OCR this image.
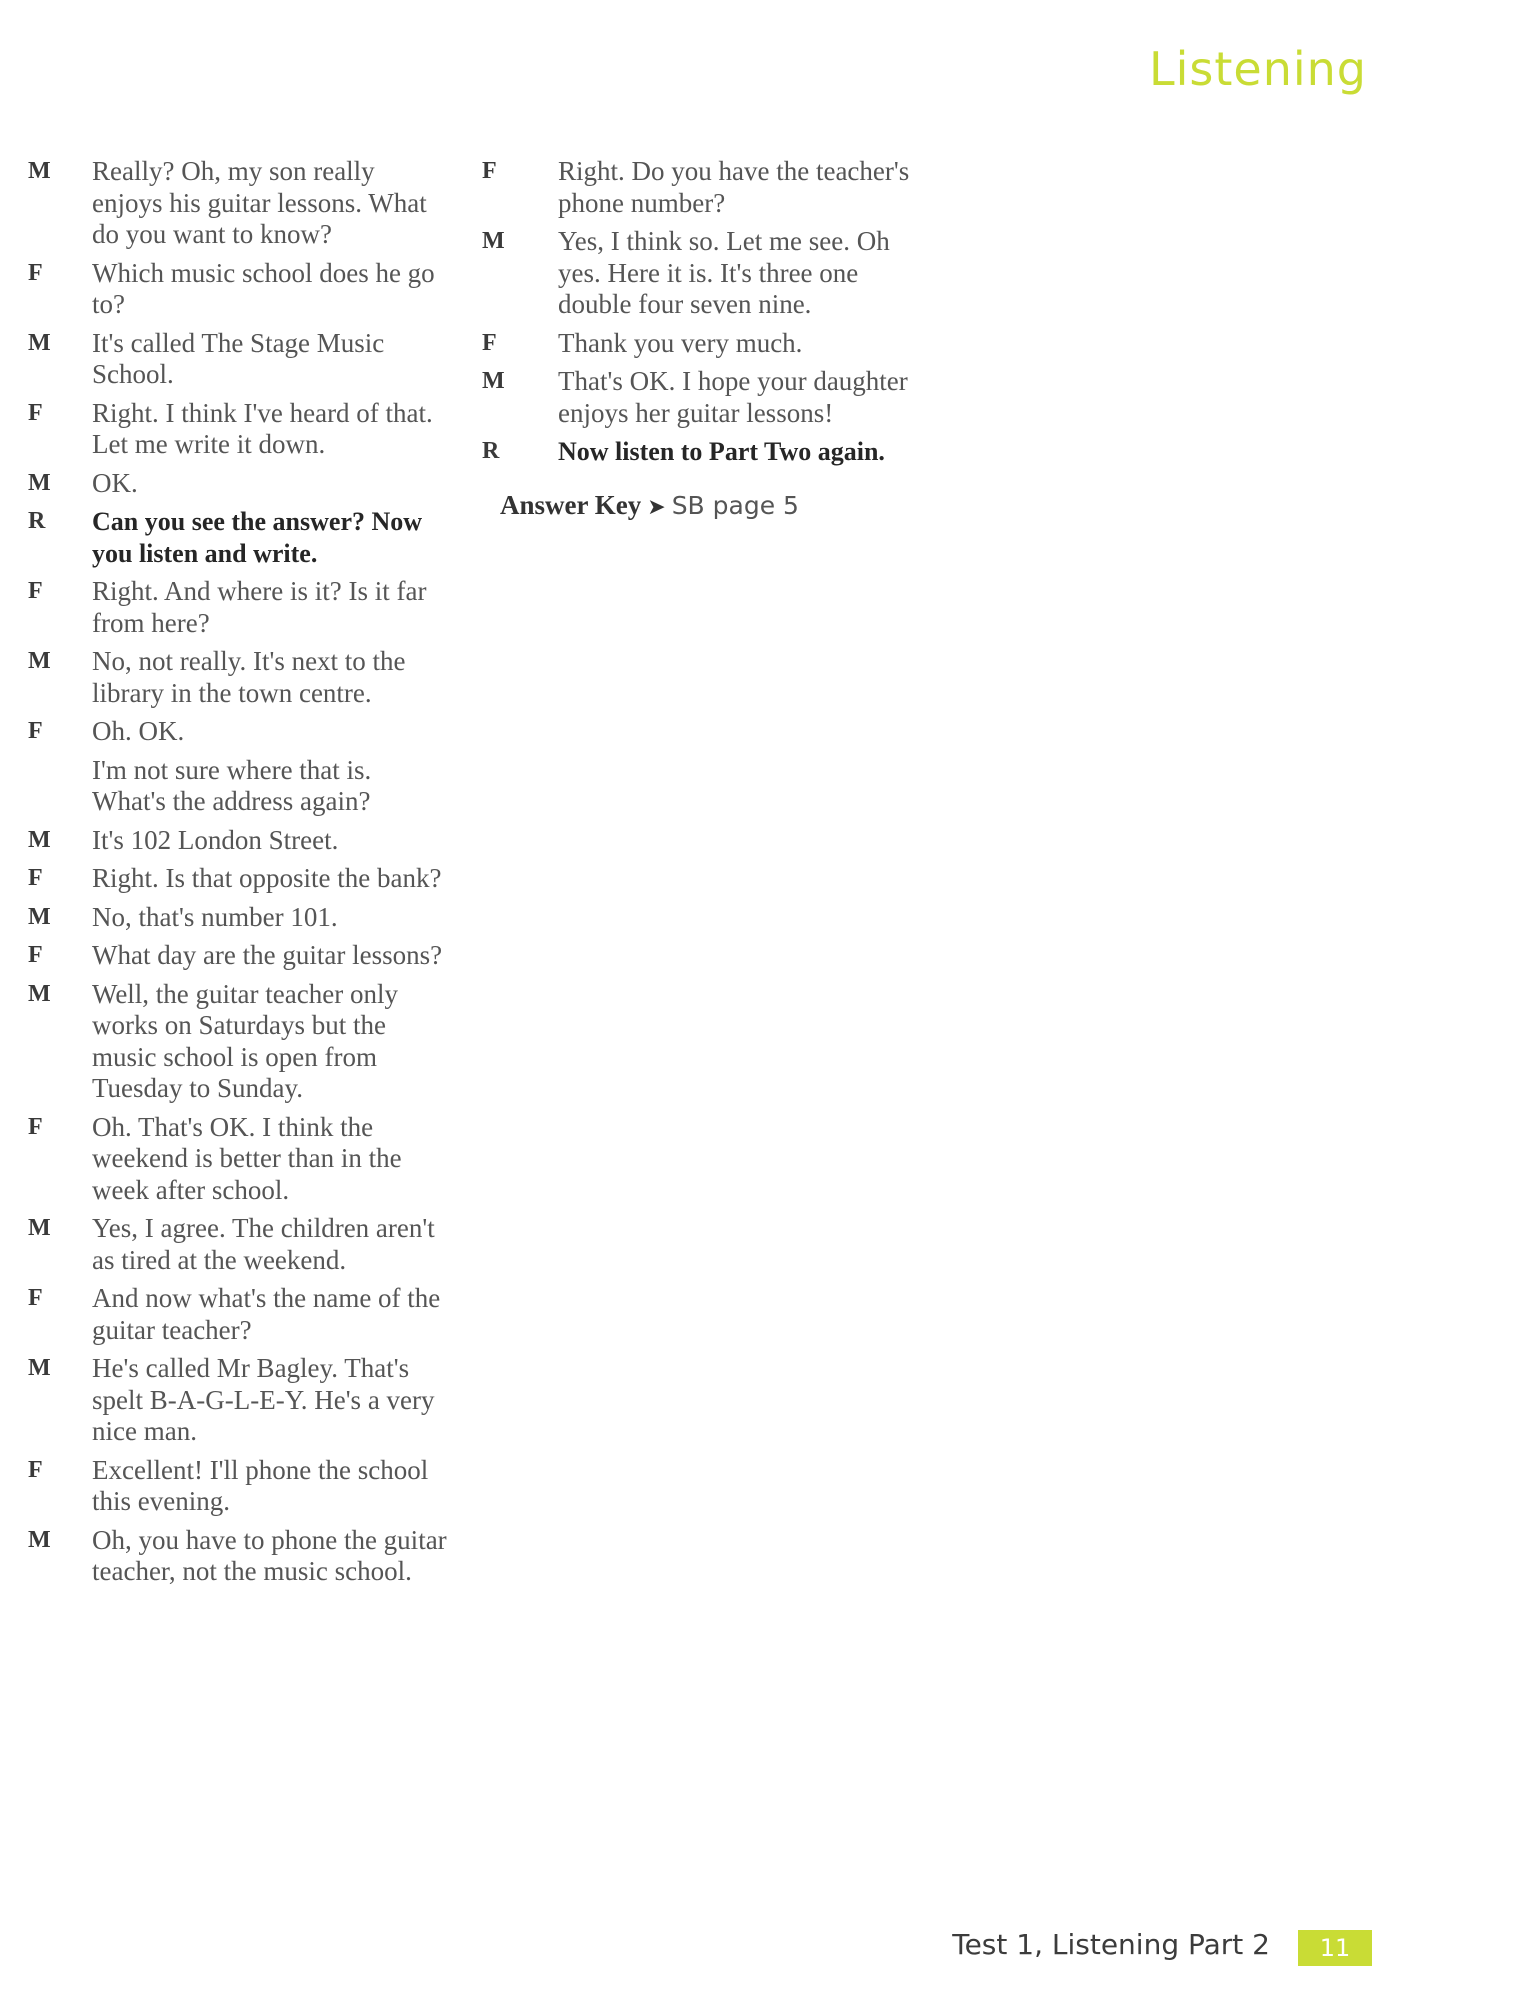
Listening
M	Really? Oh, my son really enjoys his guitar lessons. What do you want to know?
F	Which music school does he go to?
M	It's called The Stage Music School.
F	Right. I think I've heard of that. Let me write it down.
M	OK.
R	Can you see the answer? Now you listen and write.
F	Right. And where is it? Is it far from here?
M	No, not really. It's next to the library in the town centre.
F	Oh. OK.
I'm not sure where that is. What's the address again?
M	It's 102 London Street.
F	Right. Is that opposite the bank?
M	No, that's number 101.
F	What day are the guitar lessons?
M	Well, the guitar teacher only works on Saturdays but the music school is open from Tuesday to Sunday.
F	Oh. That's OK. I think the weekend is better than in the week after school.
M	Yes, I agree. The children aren't as tired at the weekend.
F	And now what's the name of the guitar teacher?
M	He's called Mr Bagley. That's spelt B-A-G-L-E-Y. He's a very nice man.
F	Excellent! I'll phone the school this evening.
M	Oh, you have to phone the guitar teacher, not the music school.
F	Right. Do you have the teacher's phone number?
M	Yes, I think so. Let me see. Oh yes. Here it is. It's three one double four seven nine.
F	Thank you very much.
M	That's OK. I hope your daughter enjoys her guitar lessons!
R	Now listen to Part Two again.
Answer Key ➤ SB page 5
Test 1, Listening Part 2	11
